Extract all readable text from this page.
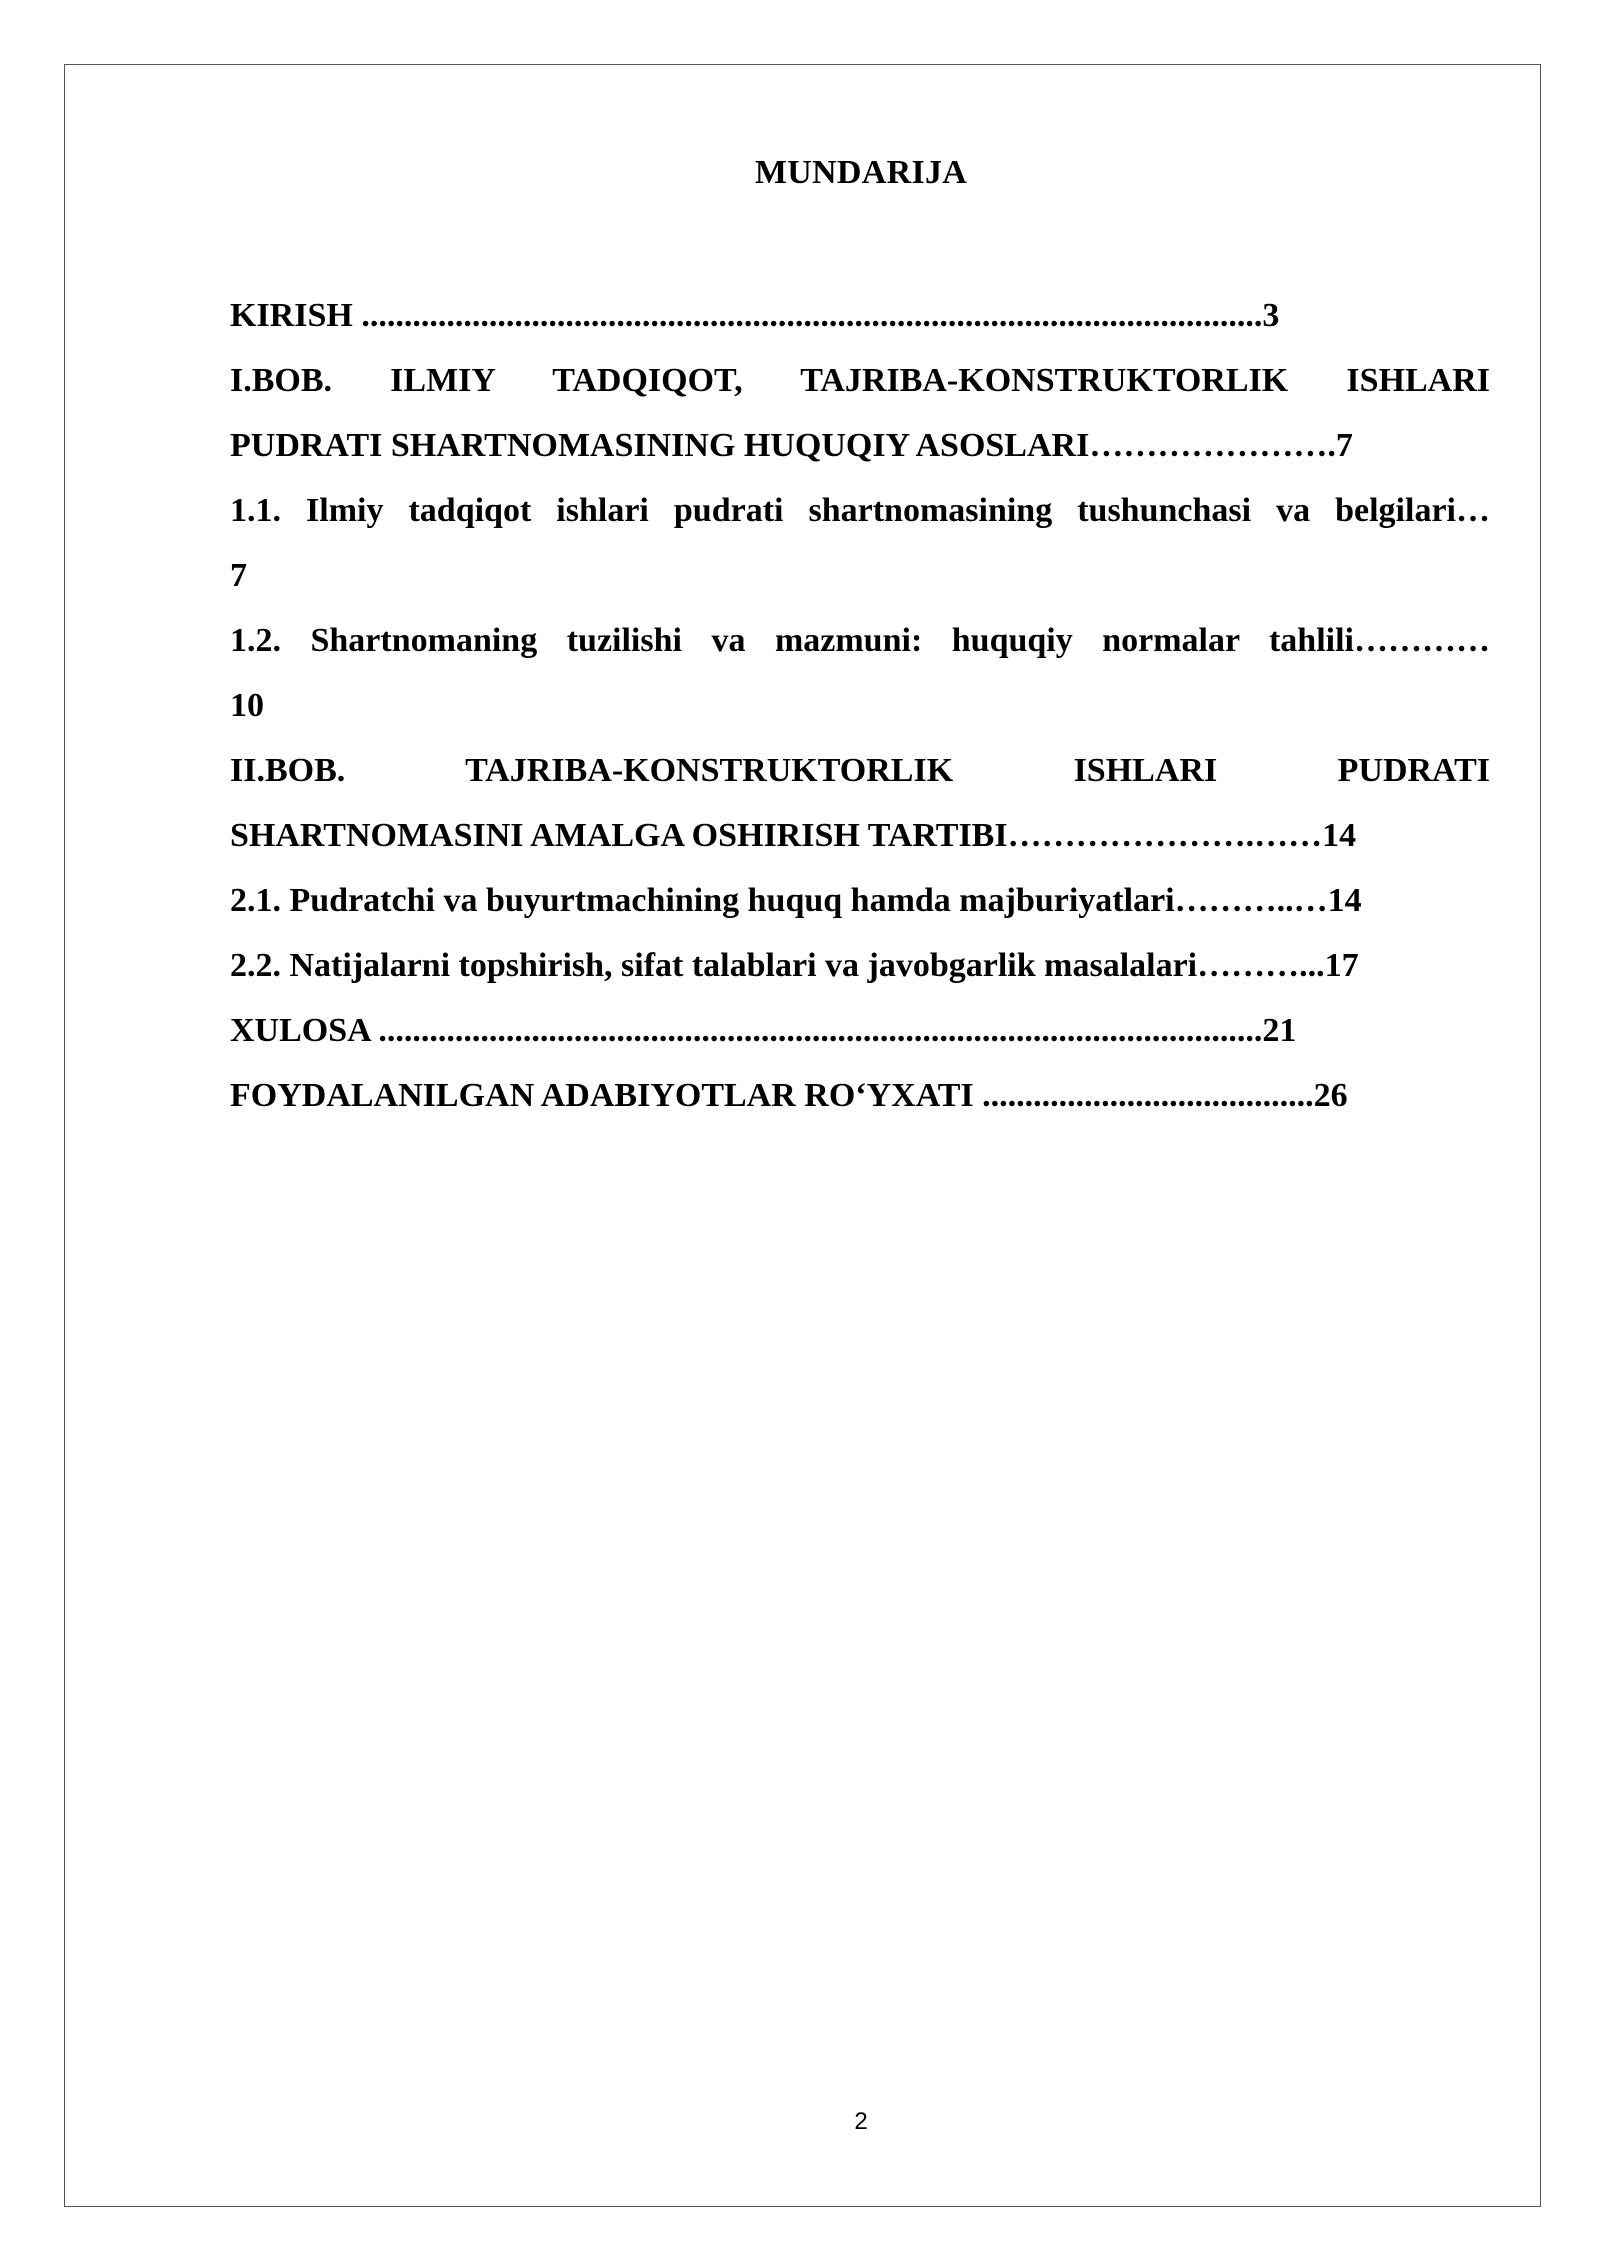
MUNDARIJA
KIRISH ..........................................................................................................3
I.BOB. ILMIY TADQIQOT, TAJRIBA-KONSTRUKTORLIK ISHLARI
PUDRATI SHARTNOMASINING HUQUQIY ASOSLARI………………….7
1.1. Ilmiy tadqiqot ishlari pudrati shartnomasining tushunchasi va belgilari…
7
1.2. Shartnomaning tuzilishi va mazmuni: huquqiy normalar tahlili…………
10
II.BOB. TAJRIBA-KONSTRUKTORLIK ISHLARI PUDRATI
SHARTNOMASINI AMALGA OSHIRISH TARTIBI………………….……14
2.1. Pudratchi va buyurtmachining huquq hamda majburiyatlari………..…14
2.2. Natijalarni topshirish, sifat talablari va javobgarlik masalalari………...17
XULOSA ........................................................................................................21
FOYDALANILGAN ADABIYOTLAR RO‘YXATI .......................................26
2
